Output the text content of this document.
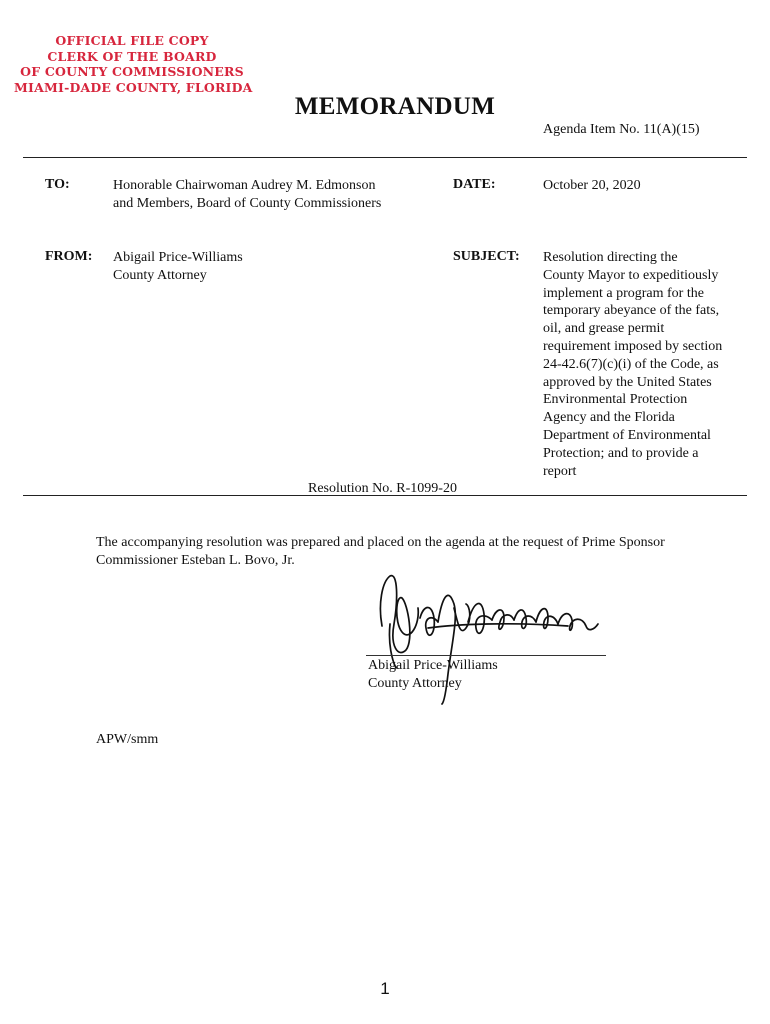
OFFICIAL FILE COPY
CLERK OF THE BOARD
OF COUNTY COMMISSIONERS
MIAMI-DADE COUNTY, FLORIDA
MEMORANDUM
Agenda Item No. 11(A)(15)
TO:	Honorable Chairwoman Audrey M. Edmonson
and Members, Board of County Commissioners
DATE:	October 20, 2020
FROM: Abigail Price-Williams
County Attorney
SUBJECT: Resolution directing the
County Mayor to expeditiously
implement a program for the
temporary abeyance of the fats,
oil, and grease permit
requirement imposed by section
24-42.6(7)(c)(i) of the Code, as
approved by the United States
Environmental Protection
Agency and the Florida
Department of Environmental
Protection; and to provide a
report
Resolution No. R-1099-20
The accompanying resolution was prepared and placed on the agenda at the request of Prime Sponsor
Commissioner Esteban L. Bovo, Jr.
Abigail Price-Williams
County Attorney
APW/smm
1
